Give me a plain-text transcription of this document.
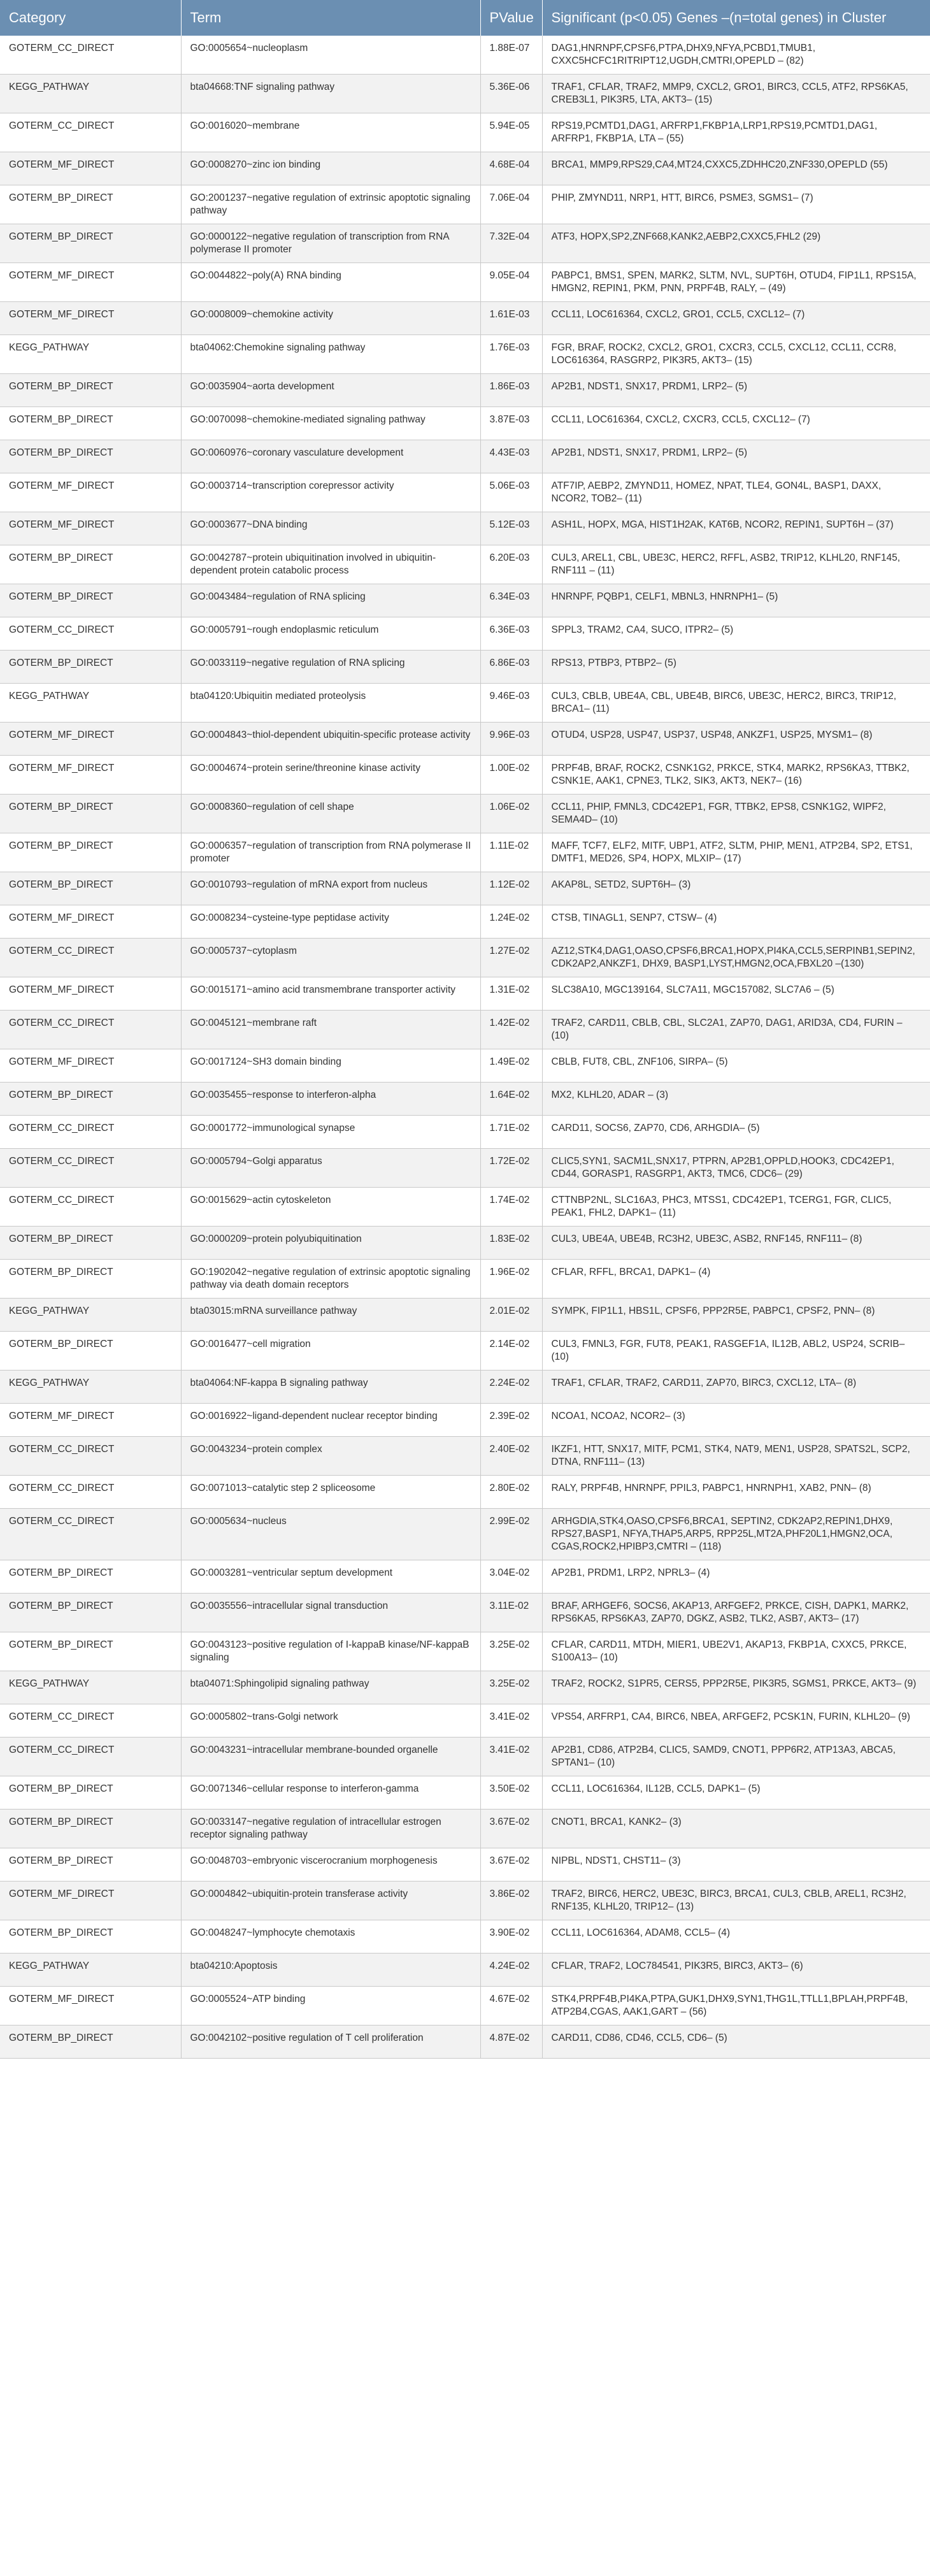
Category	Term	PValue	Significant (p<0.05) Genes –(n=total genes) in Cluster
GOTERM_CC_DIRECT	GO:0005654~nucleoplasm	1.88E-07	DAG1,HNRNPF,CPSF6,PTPA,DHX9,NFYA,PCBD1,TMUB1, CXXC5HCFC1RITRIPT12,UGDH,CMTRI,OPEPLD – (82)
KEGG_PATHWAY	bta04668:TNF signaling pathway	5.36E-06	TRAF1, CFLAR, TRAF2, MMP9, CXCL2, GRO1, BIRC3, CCL5, ATF2, RPS6KA5, CREB3L1, PIK3R5, LTA, AKT3– (15)
GOTERM_CC_DIRECT	GO:0016020~membrane	5.94E-05	RPS19,PCMTD1,DAG1, ARFRP1,FKBP1A,LRP1,RPS19,PCMTD1,DAG1, ARFRP1, FKBP1A, LTA – (55)
GOTERM_MF_DIRECT	GO:0008270~zinc ion binding	4.68E-04	BRCA1, MMP9,RPS29,CA4,MT24,CXXC5,ZDHHC20,ZNF330,OPEPLD (55)
GOTERM_BP_DIRECT	GO:2001237~negative regulation of extrinsic apoptotic signaling pathway	7.06E-04	PHIP, ZMYND11, NRP1, HTT, BIRC6, PSME3, SGMS1– (7)
GOTERM_BP_DIRECT	GO:0000122~negative regulation of transcription from RNA polymerase II promoter	7.32E-04	ATF3, HOPX,SP2,ZNF668,KANK2,AEBP2,CXXC5,FHL2 (29)
GOTERM_MF_DIRECT	GO:0044822~poly(A) RNA binding	9.05E-04	PABPC1, BMS1, SPEN, MARK2, SLTM, NVL, SUPT6H, OTUD4, FIP1L1, RPS15A, HMGN2, REPIN1, PKM, PNN, PRPF4B, RALY, – (49)
GOTERM_MF_DIRECT	GO:0008009~chemokine activity	1.61E-03	CCL11, LOC616364, CXCL2, GRO1, CCL5, CXCL12– (7)
KEGG_PATHWAY	bta04062:Chemokine signaling pathway	1.76E-03	FGR, BRAF, ROCK2, CXCL2, GRO1, CXCR3, CCL5, CXCL12, CCL11, CCR8, LOC616364, RASGRP2, PIK3R5, AKT3– (15)
GOTERM_BP_DIRECT	GO:0035904~aorta development	1.86E-03	AP2B1, NDST1, SNX17, PRDM1, LRP2– (5)
GOTERM_BP_DIRECT	GO:0070098~chemokine-mediated signaling pathway	3.87E-03	CCL11, LOC616364, CXCL2, CXCR3, CCL5, CXCL12– (7)
GOTERM_BP_DIRECT	GO:0060976~coronary vasculature development	4.43E-03	AP2B1, NDST1, SNX17, PRDM1, LRP2– (5)
GOTERM_MF_DIRECT	GO:0003714~transcription corepressor activity	5.06E-03	ATF7IP, AEBP2, ZMYND11, HOMEZ, NPAT, TLE4, GON4L, BASP1, DAXX, NCOR2, TOB2– (11)
GOTERM_MF_DIRECT	GO:0003677~DNA binding	5.12E-03	ASH1L, HOPX, MGA, HIST1H2AK, KAT6B, NCOR2, REPIN1, SUPT6H – (37)
GOTERM_BP_DIRECT	GO:0042787~protein ubiquitination involved in ubiquitin-dependent protein catabolic process	6.20E-03	CUL3, AREL1, CBL, UBE3C, HERC2, RFFL, ASB2, TRIP12, KLHL20, RNF145, RNF111 – (11)
GOTERM_BP_DIRECT	GO:0043484~regulation of RNA splicing	6.34E-03	HNRNPF, PQBP1, CELF1, MBNL3, HNRNPH1– (5)
GOTERM_CC_DIRECT	GO:0005791~rough endoplasmic reticulum	6.36E-03	SPPL3, TRAM2, CA4, SUCO, ITPR2– (5)
GOTERM_BP_DIRECT	GO:0033119~negative regulation of RNA splicing	6.86E-03	RPS13, PTBP3, PTBP2– (5)
KEGG_PATHWAY	bta04120:Ubiquitin mediated proteolysis	9.46E-03	CUL3, CBLB, UBE4A, CBL, UBE4B, BIRC6, UBE3C, HERC2, BIRC3, TRIP12, BRCA1– (11)
GOTERM_MF_DIRECT	GO:0004843~thiol-dependent ubiquitin-specific protease activity	9.96E-03	OTUD4, USP28, USP47, USP37, USP48, ANKZF1, USP25, MYSM1– (8)
GOTERM_MF_DIRECT	GO:0004674~protein serine/threonine kinase activity	1.00E-02	PRPF4B, BRAF, ROCK2, CSNK1G2, PRKCE, STK4, MARK2, RPS6KA3, TTBK2, CSNK1E, AAK1, CPNE3, TLK2, SIK3, AKT3, NEK7– (16)
GOTERM_BP_DIRECT	GO:0008360~regulation of cell shape	1.06E-02	CCL11, PHIP, FMNL3, CDC42EP1, FGR, TTBK2, EPS8, CSNK1G2, WIPF2, SEMA4D– (10)
GOTERM_BP_DIRECT	GO:0006357~regulation of transcription from RNA polymerase II promoter	1.11E-02	MAFF, TCF7, ELF2, MITF, UBP1, ATF2, SLTM, PHIP, MEN1, ATP2B4, SP2, ETS1, DMTF1, MED26, SP4, HOPX, MLXIP– (17)
GOTERM_BP_DIRECT	GO:0010793~regulation of mRNA export from nucleus	1.12E-02	AKAP8L, SETD2, SUPT6H– (3)
GOTERM_MF_DIRECT	GO:0008234~cysteine-type peptidase activity	1.24E-02	CTSB, TINAGL1, SENP7, CTSW– (4)
GOTERM_CC_DIRECT	GO:0005737~cytoplasm	1.27E-02	AZ12,STK4,DAG1,OASO,CPSF6,BRCA1,HOPX,PI4KA,CCL5,SERPINB1,SEPIN2, CDK2AP2,ANKZF1, DHX9, BASP1,LYST,HMGN2,OCA,FBXL20 –(130)
GOTERM_MF_DIRECT	GO:0015171~amino acid transmembrane transporter activity	1.31E-02	SLC38A10, MGC139164, SLC7A11, MGC157082, SLC7A6 – (5)
GOTERM_CC_DIRECT	GO:0045121~membrane raft	1.42E-02	TRAF2, CARD11, CBLB, CBL, SLC2A1, ZAP70, DAG1, ARID3A, CD4, FURIN – (10)
GOTERM_MF_DIRECT	GO:0017124~SH3 domain binding	1.49E-02	CBLB, FUT8, CBL, ZNF106, SIRPA– (5)
GOTERM_BP_DIRECT	GO:0035455~response to interferon-alpha	1.64E-02	MX2, KLHL20, ADAR – (3)
GOTERM_CC_DIRECT	GO:0001772~immunological synapse	1.71E-02	CARD11, SOCS6, ZAP70, CD6, ARHGDIA– (5)
GOTERM_CC_DIRECT	GO:0005794~Golgi apparatus	1.72E-02	CLIC5,SYN1, SACM1L,SNX17, PTPRN, AP2B1,OPPLD,HOOK3, CDC42EP1, CD44, GORASP1, RASGRP1, AKT3, TMC6, CDC6– (29)
GOTERM_CC_DIRECT	GO:0015629~actin cytoskeleton	1.74E-02	CTTNBP2NL, SLC16A3, PHC3, MTSS1, CDC42EP1, TCERG1, FGR, CLIC5, PEAK1, FHL2, DAPK1– (11)
GOTERM_BP_DIRECT	GO:0000209~protein polyubiquitination	1.83E-02	CUL3, UBE4A, UBE4B, RC3H2, UBE3C, ASB2, RNF145, RNF111– (8)
GOTERM_BP_DIRECT	GO:1902042~negative regulation of extrinsic apoptotic signaling pathway via death domain receptors	1.96E-02	CFLAR, RFFL, BRCA1, DAPK1– (4)
KEGG_PATHWAY	bta03015:mRNA surveillance pathway	2.01E-02	SYMPK, FIP1L1, HBS1L, CPSF6, PPP2R5E, PABPC1, CPSF2, PNN– (8)
GOTERM_BP_DIRECT	GO:0016477~cell migration	2.14E-02	CUL3, FMNL3, FGR, FUT8, PEAK1, RASGEF1A, IL12B, ABL2, USP24, SCRIB– (10)
KEGG_PATHWAY	bta04064:NF-kappa B signaling pathway	2.24E-02	TRAF1, CFLAR, TRAF2, CARD11, ZAP70, BIRC3, CXCL12, LTA– (8)
GOTERM_MF_DIRECT	GO:0016922~ligand-dependent nuclear receptor binding	2.39E-02	NCOA1, NCOA2, NCOR2– (3)
GOTERM_CC_DIRECT	GO:0043234~protein complex	2.40E-02	IKZF1, HTT, SNX17, MITF, PCM1, STK4, NAT9, MEN1, USP28, SPATS2L, SCP2, DTNA, RNF111– (13)
GOTERM_CC_DIRECT	GO:0071013~catalytic step 2 spliceosome	2.80E-02	RALY, PRPF4B, HNRNPF, PPIL3, PABPC1, HNRNPH1, XAB2, PNN– (8)
GOTERM_CC_DIRECT	GO:0005634~nucleus	2.99E-02	ARHGDIA,STK4,OASO,CPSF6,BRCA1, SEPTIN2, CDK2AP2,REPIN1,DHX9, RPS27,BASP1, NFYA,THAP5,ARP5, RPP25L,MT2A,PHF20L1,HMGN2,OCA, CGAS,ROCK2,HPIBP3,CMTRI – (118)
GOTERM_BP_DIRECT	GO:0003281~ventricular septum development	3.04E-02	AP2B1, PRDM1, LRP2, NPRL3– (4)
GOTERM_BP_DIRECT	GO:0035556~intracellular signal transduction	3.11E-02	BRAF, ARHGEF6, SOCS6, AKAP13, ARFGEF2, PRKCE, CISH, DAPK1, MARK2, RPS6KA5, RPS6KA3, ZAP70, DGKZ, ASB2, TLK2, ASB7, AKT3– (17)
GOTERM_BP_DIRECT	GO:0043123~positive regulation of I-kappaB kinase/NF-kappaB signaling	3.25E-02	CFLAR, CARD11, MTDH, MIER1, UBE2V1, AKAP13, FKBP1A, CXXC5, PRKCE, S100A13– (10)
KEGG_PATHWAY	bta04071:Sphingolipid signaling pathway	3.25E-02	TRAF2, ROCK2, S1PR5, CERS5, PPP2R5E, PIK3R5, SGMS1, PRKCE, AKT3– (9)
GOTERM_CC_DIRECT	GO:0005802~trans-Golgi network	3.41E-02	VPS54, ARFRP1, CA4, BIRC6, NBEA, ARFGEF2, PCSK1N, FURIN, KLHL20– (9)
GOTERM_CC_DIRECT	GO:0043231~intracellular membrane-bounded organelle	3.41E-02	AP2B1, CD86, ATP2B4, CLIC5, SAMD9, CNOT1, PPP6R2, ATP13A3, ABCA5, SPTAN1– (10)
GOTERM_BP_DIRECT	GO:0071346~cellular response to interferon-gamma	3.50E-02	CCL11, LOC616364, IL12B, CCL5, DAPK1– (5)
GOTERM_BP_DIRECT	GO:0033147~negative regulation of intracellular estrogen receptor signaling pathway	3.67E-02	CNOT1, BRCA1, KANK2– (3)
GOTERM_BP_DIRECT	GO:0048703~embryonic viscerocranium morphogenesis	3.67E-02	NIPBL, NDST1, CHST11– (3)
GOTERM_MF_DIRECT	GO:0004842~ubiquitin-protein transferase activity	3.86E-02	TRAF2, BIRC6, HERC2, UBE3C, BIRC3, BRCA1, CUL3, CBLB, AREL1, RC3H2, RNF135, KLHL20, TRIP12– (13)
GOTERM_BP_DIRECT	GO:0048247~lymphocyte chemotaxis	3.90E-02	CCL11, LOC616364, ADAM8, CCL5– (4)
KEGG_PATHWAY	bta04210:Apoptosis	4.24E-02	CFLAR, TRAF2, LOC784541, PIK3R5, BIRC3, AKT3– (6)
GOTERM_MF_DIRECT	GO:0005524~ATP binding	4.67E-02	STK4,PRPF4B,PI4KA,PTPA,GUK1,DHX9,SYN1,THG1L,TTLL1,BPLAH,PRPF4B, ATP2B4,CGAS, AAK1,GART – (56)
GOTERM_BP_DIRECT	GO:0042102~positive regulation of T cell proliferation	4.87E-02	CARD11, CD86, CD46, CCL5, CD6– (5)
